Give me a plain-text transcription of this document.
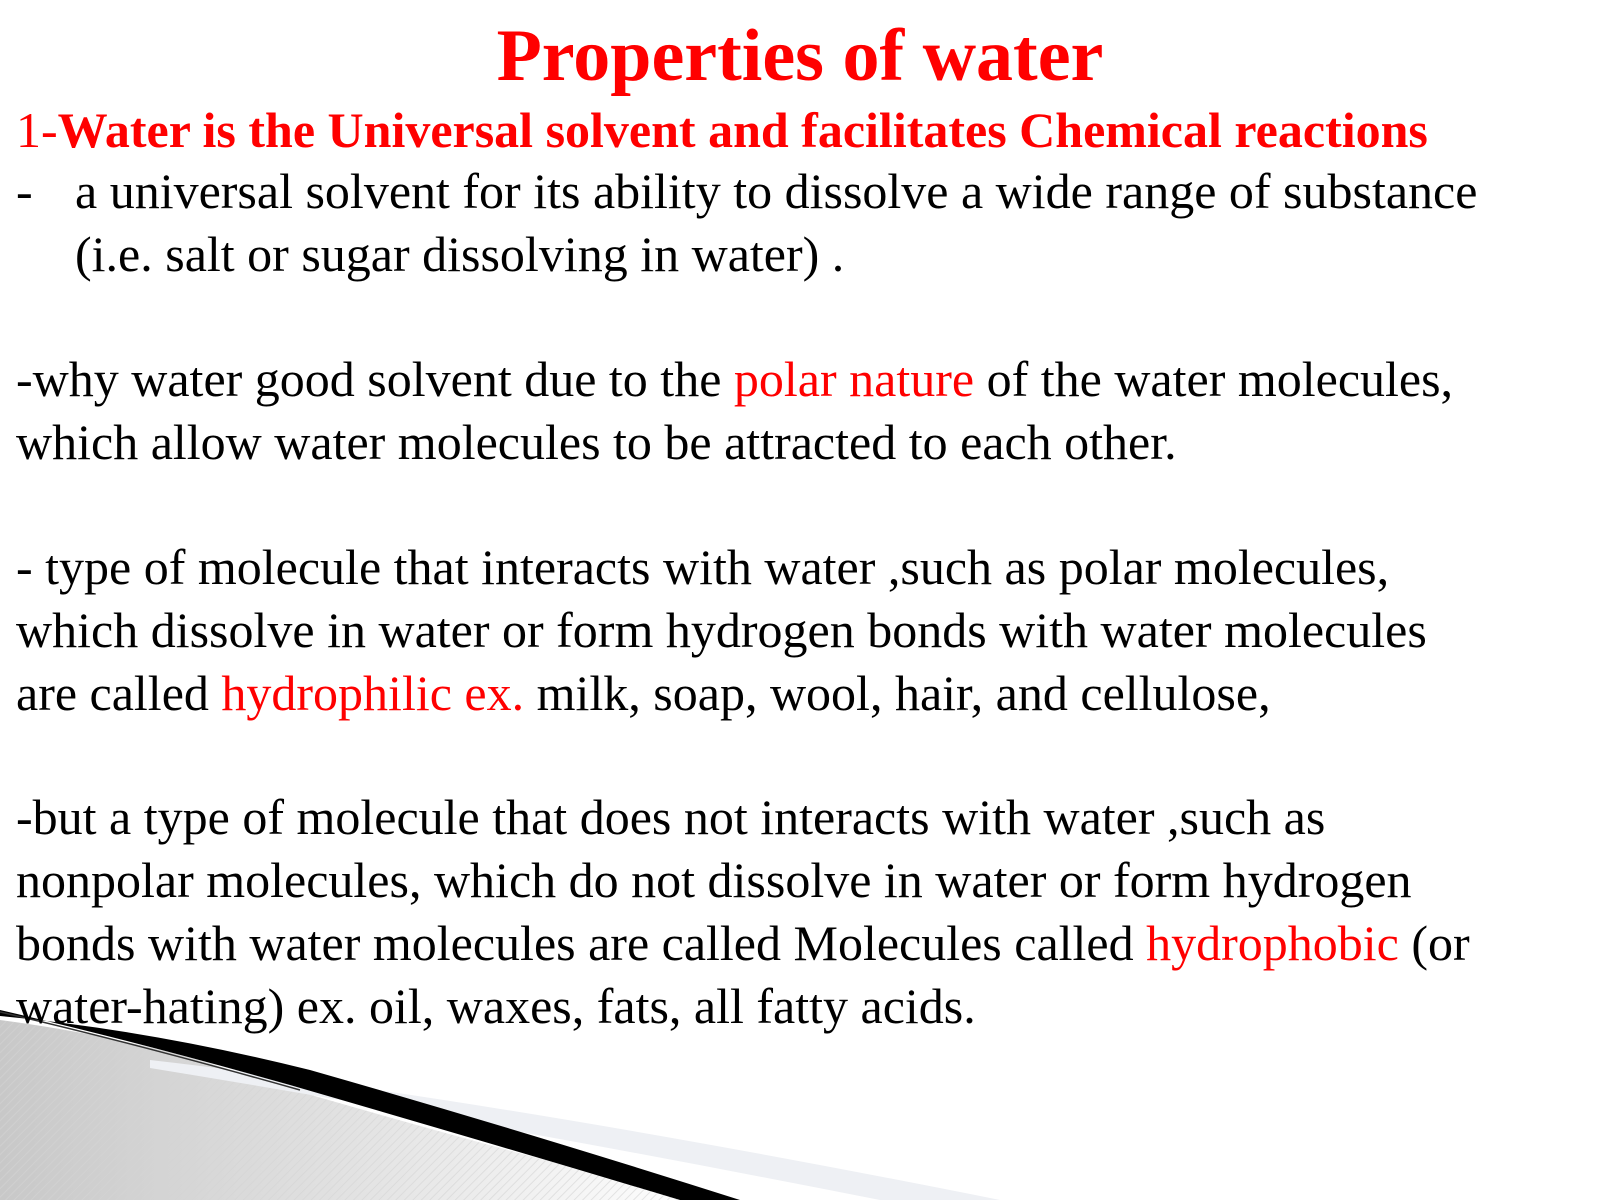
Properties of water
1-Water is the Universal solvent and facilitates Chemical reactions
- a universal solvent for its ability to dissolve a wide range of substance
(i.e. salt or sugar dissolving in water) .

-why water good solvent due to the polar nature of the water molecules,
which allow water molecules to be attracted to each other.

- type of molecule that interacts with water ,such as polar molecules,
which dissolve in water or form hydrogen bonds with water molecules
are called hydrophilic ex. milk, soap, wool, hair, and cellulose,

-but a type of molecule that does not interacts with water ,such as
nonpolar molecules, which do not dissolve in water or form hydrogen
bonds with water molecules are called Molecules called hydrophobic (or
water-hating) ex. oil, waxes, fats, all fatty acids.
